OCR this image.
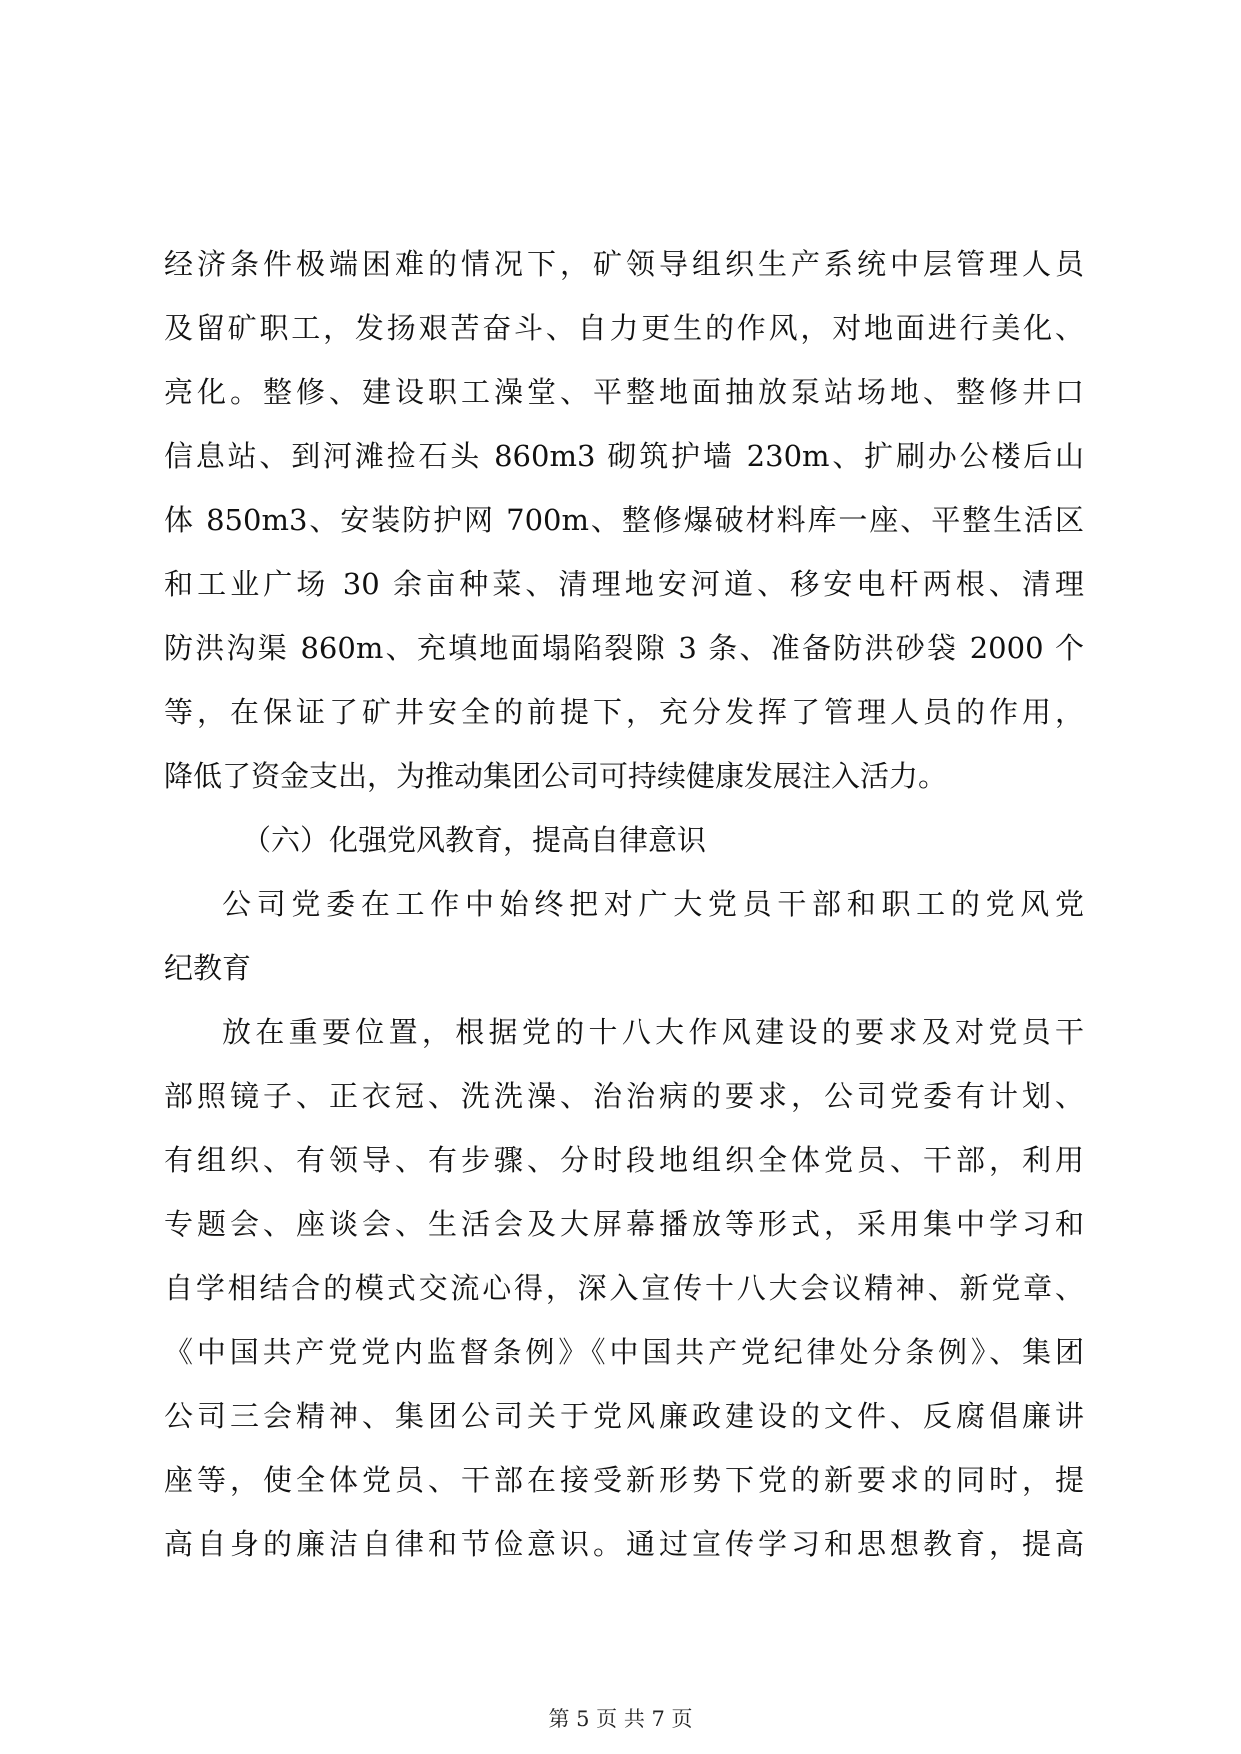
经济条件极端困难的情况下，矿领导组织生产系统中层管理人员
及留矿职工，发扬艰苦奋斗、自力更生的作风，对地面进行美化、
亮化。整修、建设职工澡堂、平整地面抽放泵站场地、整修井口
信息站、到河滩捡石头 860m3 砌筑护墙 230m、扩刷办公楼后山
体 850m3、安装防护网 700m、整修爆破材料库一座、平整生活区
和工业广场 30 余亩种菜、清理地安河道、移安电杆两根、清理
防洪沟渠 860m、充填地面塌陷裂隙 3 条、准备防洪砂袋 2000 个
等，在保证了矿井安全的前提下，充分发挥了管理人员的作用，
降低了资金支出，为推动集团公司可持续健康发展注入活力。
（六）化强党风教育，提高自律意识
公司党委在工作中始终把对广大党员干部和职工的党风党
纪教育
放在重要位置，根据党的十八大作风建设的要求及对党员干
部照镜子、正衣冠、洗洗澡、治治病的要求，公司党委有计划、
有组织、有领导、有步骤、分时段地组织全体党员、干部，利用
专题会、座谈会、生活会及大屏幕播放等形式，采用集中学习和
自学相结合的模式交流心得，深入宣传十八大会议精神、新党章、
《中国共产党党内监督条例》《中国共产党纪律处分条例》、集团
公司三会精神、集团公司关于党风廉政建设的文件、反腐倡廉讲
座等，使全体党员、干部在接受新形势下党的新要求的同时，提
高自身的廉洁自律和节俭意识。通过宣传学习和思想教育，提高
第 5 页 共 7 页
